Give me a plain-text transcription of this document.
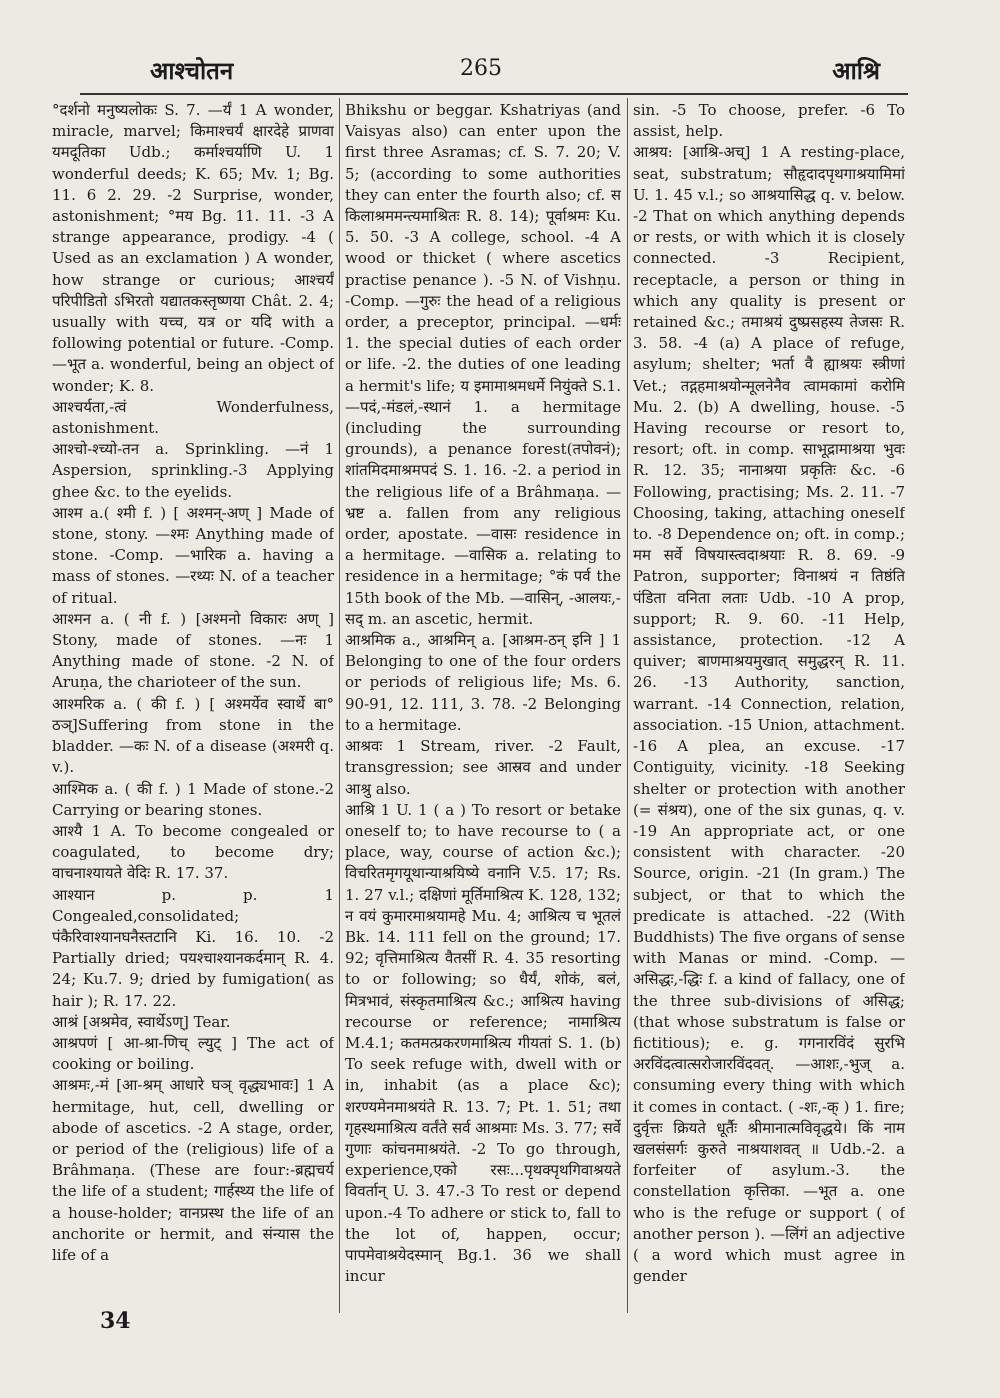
आश्चोतन	265	आश्रि

°दर्शनो मनुष्यलोकः S. 7. —र्यं 1 A wonder, miracle, marvel; किमाश्चर्यं क्षारदेहे प्राणवा यमदूतिका Udb.; कर्माश्चर्याणि U. 1 wonderful deeds; K. 65; Mv. 1; Bg. 11. 6 2. 29. -2 Surprise, wonder, astonishment; °मय Bg. 11. 11. -3 A strange appearance, prodigy. -4 ( Used as an exclamation ) A wonder, how strange or curious; आश्चर्यं परिपीडितो ऽभिरतो यद्यातकस्तृष्णया Chât. 2. 4; usually with यच्च, यत्र or यदि with a following potential or future. -Comp. —भूत a. wonderful, being an object of wonder; K. 8.

आश्चर्यता,-त्वं Wonderfulness, astonishment.

आश्चो-श्च्यो-तन a. Sprinkling. —नं 1 Aspersion, sprinkling.-3 Applying ghee &c. to the eyelids.

आश्म a.( श्मी f. ) [ अश्मन्-अण् ] Made of stone, stony. —श्मः Anything made of stone. -Comp. —भारिक a. having a mass of stones. —रथ्यः N. of a teacher of ritual.

आश्मन a. ( नी f. ) [अश्मनो विकारः अण् ] Stony, made of stones. —नः 1 Anything made of stone. -2 N. of Aruṇa, the charioteer of the sun.

आश्मरिक a. ( की f. ) [ अश्मर्येव स्वार्थे बा° ठञ्]Suffering from stone in the bladder. —कः N. of a disease (अश्मरी q. v.).

आश्मिक a. ( की f. ) 1 Made of stone.-2 Carrying or bearing stones.

आश्यै 1 A. To become congealed or coagulated, to become dry; वाचनाश्यायते वेदिः R. 17. 37.

आश्यान p. p. 1 Congealed,consolidated; पंकैरिवाश्यानघनैस्तटानि Ki. 16. 10. -2 Partially dried; पयश्चाश्यानकर्दमान् R. 4. 24; Ku.7. 9; dried by fumigation( as hair ); R. 17. 22.

आश्रं [अश्रमेव, स्वार्थेऽण्] Tear.

आश्रपणं [ आ-श्रा-णिच् ल्युट् ] The act of cooking or boiling.

आश्रमः,-मं [आ-श्रम् आधारे घञ् वृद्ध्यभावः] 1 A hermitage, hut, cell, dwelling or abode of ascetics. -2 A stage, order, or period of the (religious) life of a Brâhmaṇa. (These are four:-ब्रह्मचर्य the life of a student; गार्हस्थ्य the life of a house-holder; वानप्रस्थ the life of an anchorite or hermit, and संन्यास the life of a

Bhikshu or beggar. Kshatriyas (and Vaisyas also) can enter upon the first three Asramas; cf. S. 7. 20; V. 5; (according to some authorities they can enter the fourth also; cf. स किलाश्रममन्त्यमाश्रितः R. 8. 14); पूर्वाश्रमः Ku. 5. 50. -3 A college, school. -4 A wood or thicket ( where ascetics practise penance ). -5 N. of Vishṇu. -Comp. —गुरुः the head of a religious order, a preceptor, principal. —धर्मः 1. the special duties of each order or life. -2. the duties of one leading a hermit's life; य इमामाश्रमधर्मे नियुंक्ते S.1. —पदं,-मंडलं,-स्थानं 1. a hermitage (including the surrounding grounds), a penance forest(तपोवनं); शांतमिदमाश्रमपदं S. 1. 16. -2. a period in the religious life of a Brâhmaṇa. —भ्रष्ट a. fallen from any religious order, apostate. —वासः residence in a hermitage. —वासिक a. relating to residence in a hermitage; °कं पर्व the 15th book of the Mb. —वासिन्, -आलयः,-सद् m. an ascetic, hermit.

आश्रमिक a., आश्रमिन् a. [आश्रम-ठन् इनि ] 1 Belonging to one of the four orders or periods of religious life; Ms. 6. 90-91, 12. 111, 3. 78. -2 Belonging to a hermitage.

आश्रवः 1 Stream, river. -2 Fault, transgression; see आस्रव and under आश्रु also.

आश्रि 1 U. 1 ( a ) To resort or betake oneself to; to have recourse to ( a place, way, course of action &c.); विचरितमृगयूथान्याश्रयिष्ये वनानि V.5. 17; Rs. 1. 27 v.l.; दक्षिणां मूर्तिमाश्रित्य K. 128, 132; न वयं कुमारमाश्रयामहे Mu. 4; आश्रित्य च भूतलं Bk. 14. 111 fell on the ground; 17. 92; वृत्तिमाश्रित्य वैतसीं R. 4. 35 resorting to or following; so धैर्यं, शोकं, बलं, मित्रभावं, संस्कृतमाश्रित्य &c.; आश्रित्य having recourse or reference; नामाश्रित्य M.4.1; कतमत्प्रकरणमाश्रित्य गीयतां S. 1. (b) To seek refuge with, dwell with or in, inhabit (as a place &c); शरण्यमेनमाश्रयंते R. 13. 7; Pt. 1. 51; तथा गृहस्थमाश्रित्य वर्तंते सर्व आश्रमाः Ms. 3. 77; सर्वे गुणाः कांचनमाश्रयंते. -2 To go through, experience,एको रसः...पृथक्पृथगिवाश्रयते विवर्तान् U. 3. 47.-3 To rest or depend upon.-4 To adhere or stick to, fall to the lot of, happen, occur; पापमेवाश्रयेदस्मान् Bg.1. 36 we shall incur

sin. -5 To choose, prefer. -6 To assist, help.

आश्रय: [आश्रि-अच्] 1 A resting-place, seat, substratum; सौहृदादपृथगाश्रयामिमां U. 1. 45 v.l.; so आश्रयासिद्ध q. v. below. -2 That on which anything depends or rests, or with which it is closely connected. -3 Recipient, receptacle, a person or thing in which any quality is present or retained &c.; तमाश्रयं दुष्प्रसहस्य तेजसः R. 3. 58. -4 (a) A place of refuge, asylum; shelter; भर्ता वै ह्याश्रयः स्त्रीणां Vet.; तद्गहमाश्रयोन्मूलनेनैव त्वामकामां करोमि Mu. 2. (b) A dwelling, house. -5 Having recourse or resort to, resort; oft. in comp. साभूद्रामाश्रया भुवः R. 12. 35; नानाश्रया प्रकृतिः &c. -6 Following, practising; Ms. 2. 11. -7 Choosing, taking, attaching oneself to. -8 Dependence on; oft. in comp.; मम सर्वे विषयास्त्वदाश्रयाः R. 8. 69. -9 Patron, supporter; विनाश्रयं न तिष्ठंति पंडिता वनिता लताः Udb. -10 A prop, support; R. 9. 60. -11 Help, assistance, protection. -12 A quiver; बाणमाश्रयमुखात् समुद्धरन् R. 11. 26. -13 Authority, sanction, warrant. -14 Connection, relation, association. -15 Union, attachment. -16 A plea, an excuse. -17 Contiguity, vicinity. -18 Seeking shelter or protection with another (= संश्रय), one of the six gunas, q. v. -19 An appropriate act, or one consistent with character. -20 Source, origin. -21 (In gram.) The subject, or that to which the predicate is attached. -22 (With Buddhists) The five organs of sense with Manas or mind. -Comp. —असिद्धः,-द्धिः f. a kind of fallacy, one of the three sub-divisions of असिद्ध; (that whose substratum is false or fictitious); e. g. गगनारविंदं सुरभि अरविंदत्वात्सरोजारविंदवत्. —आशः,-भुज् a. consuming every thing with which it comes in contact. ( -शः,-क् ) 1. fire; दुर्वृत्तः क्रियते धूर्तैः श्रीमानात्मविवृद्धये। किं नाम खलसंसर्गः कुरुते नाश्रयाशवत् ॥ Udb.-2. a forfeiter of asylum.-3. the constellation कृत्तिका. —भूत a. one who is the refuge or support ( of another person ). —लिंगं an adjective ( a word which must agree in gender

34
